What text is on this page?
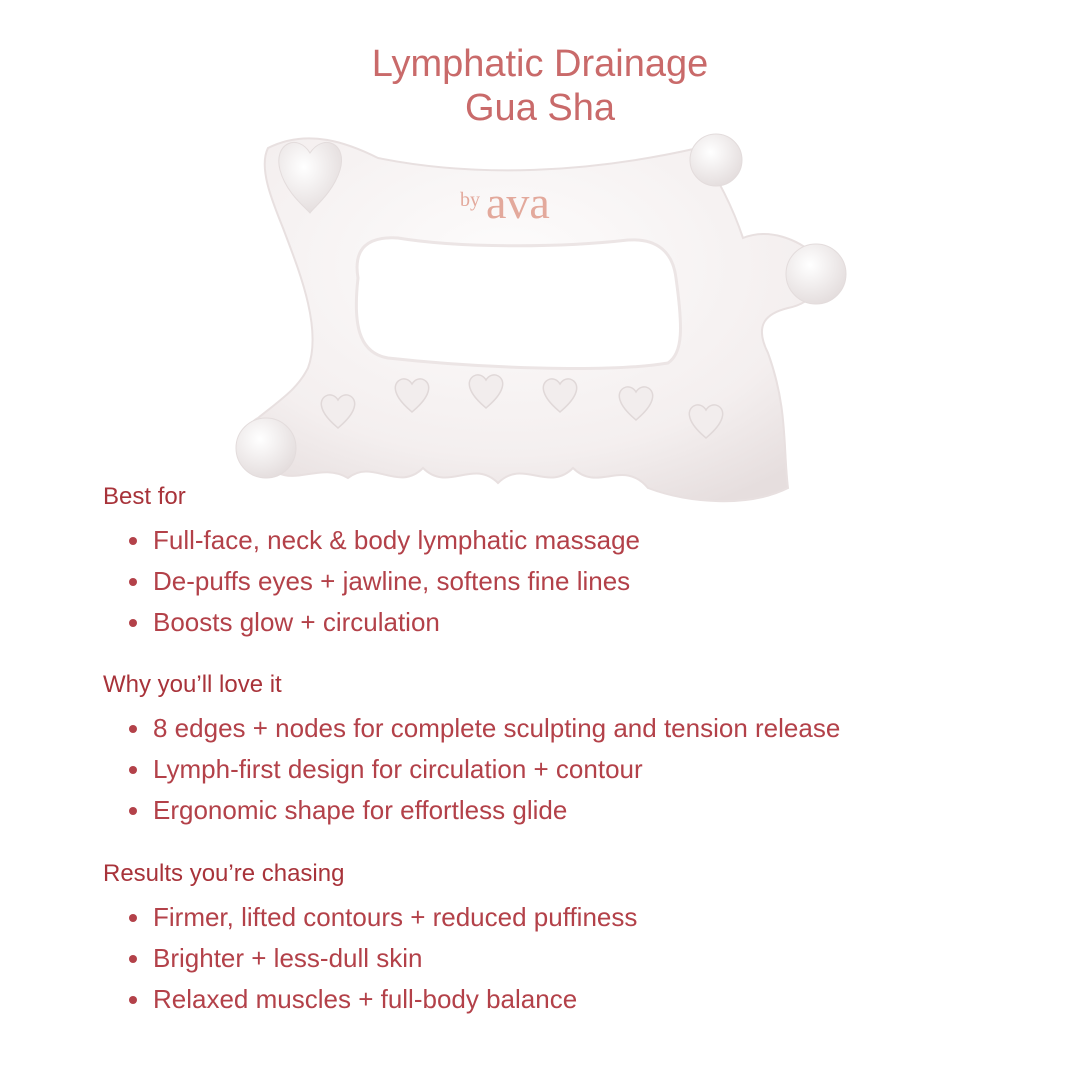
Lymphatic Drainage
Gua Sha
by ava
Best for
Full-face, neck & body lymphatic massage
De-puffs eyes + jawline, softens fine lines
Boosts glow + circulation
Why you’ll love it
8 edges + nodes for complete sculpting and tension release
Lymph-first design for circulation + contour
Ergonomic shape for effortless glide
Results you’re chasing
Firmer, lifted contours + reduced puffiness
Brighter + less-dull skin
Relaxed muscles + full-body balance
